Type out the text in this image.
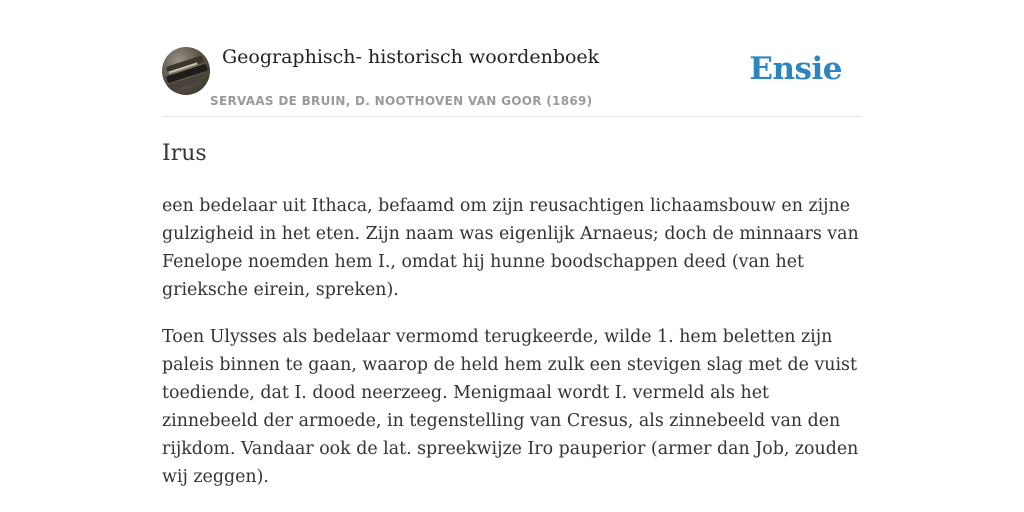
Geographisch- historisch woordenboek
SERVAAS DE BRUIN, D. NOOTHOVEN VAN GOOR (1869)
Ensie
Irus

een bedelaar uit Ithaca, befaamd om zijn reusachtigen lichaamsbouw en zijne gulzigheid in het eten. Zijn naam was eigenlijk Arnaeus; doch de minnaars van Fenelope noemden hem I., omdat hij hunne boodschappen deed (van het grieksche eirein, spreken).

Toen Ulysses als bedelaar vermomd terugkeerde, wilde 1. hem beletten zijn paleis binnen te gaan, waarop de held hem zulk een stevigen slag met de vuist toediende, dat I. dood neerzeeg. Menigmaal wordt I. vermeld als het zinnebeeld der armoede, in tegenstelling van Cresus, als zinnebeeld van den rijkdom. Vandaar ook de lat. spreekwijze Iro pauperior (armer dan Job, zouden wij zeggen).
